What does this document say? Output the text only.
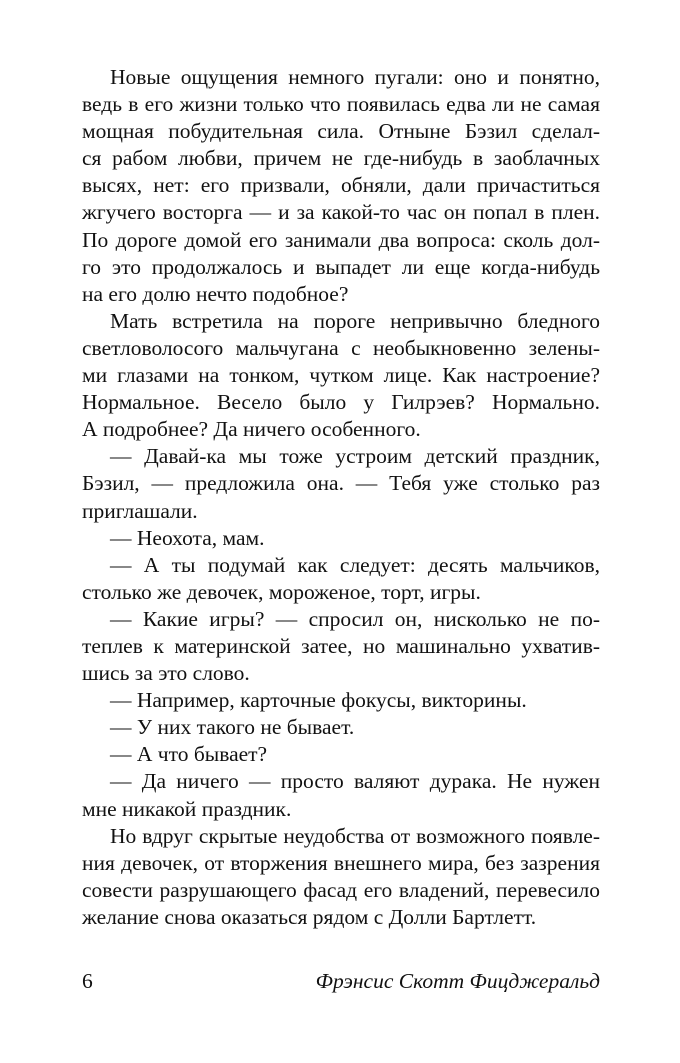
Новые ощущения немного пугали: оно и понятно,
ведь в его жизни только что появилась едва ли не самая
мощная побудительная сила. Отныне Бэзил сделал-
ся рабом любви, причем не где-нибудь в заоблачных
высях, нет: его призвали, обняли, дали причаститься
жгучего восторга — и за какой-то час он попал в плен.
По дороге домой его занимали два вопроса: сколь дол-
го это продолжалось и выпадет ли еще когда-нибудь
на его долю нечто подобное?
Мать встретила на пороге непривычно бледного
светловолосого мальчугана с необыкновенно зелены-
ми глазами на тонком, чутком лице. Как настроение?
Нормальное. Весело было у Гилрэев? Нормально.
А подробнее? Да ничего особенного.
— Давай-ка мы тоже устроим детский праздник,
Бэзил, — предложила она. — Тебя уже столько раз
приглашали.
— Неохота, мам.
— А ты подумай как следует: десять мальчиков,
столько же девочек, мороженое, торт, игры.
— Какие игры? — спросил он, нисколько не по-
теплев к материнской затее, но машинально ухватив-
шись за это слово.
— Например, карточные фокусы, викторины.
— У них такого не бывает.
— А что бывает?
— Да ничего — просто валяют дурака. Не нужен
мне никакой праздник.
Но вдруг скрытые неудобства от возможного появле-
ния девочек, от вторжения внешнего мира, без зазрения
совести разрушающего фасад его владений, перевесило
желание снова оказаться рядом с Долли Бартлетт.
6	Фрэнсис Скотт Фицджеральд
